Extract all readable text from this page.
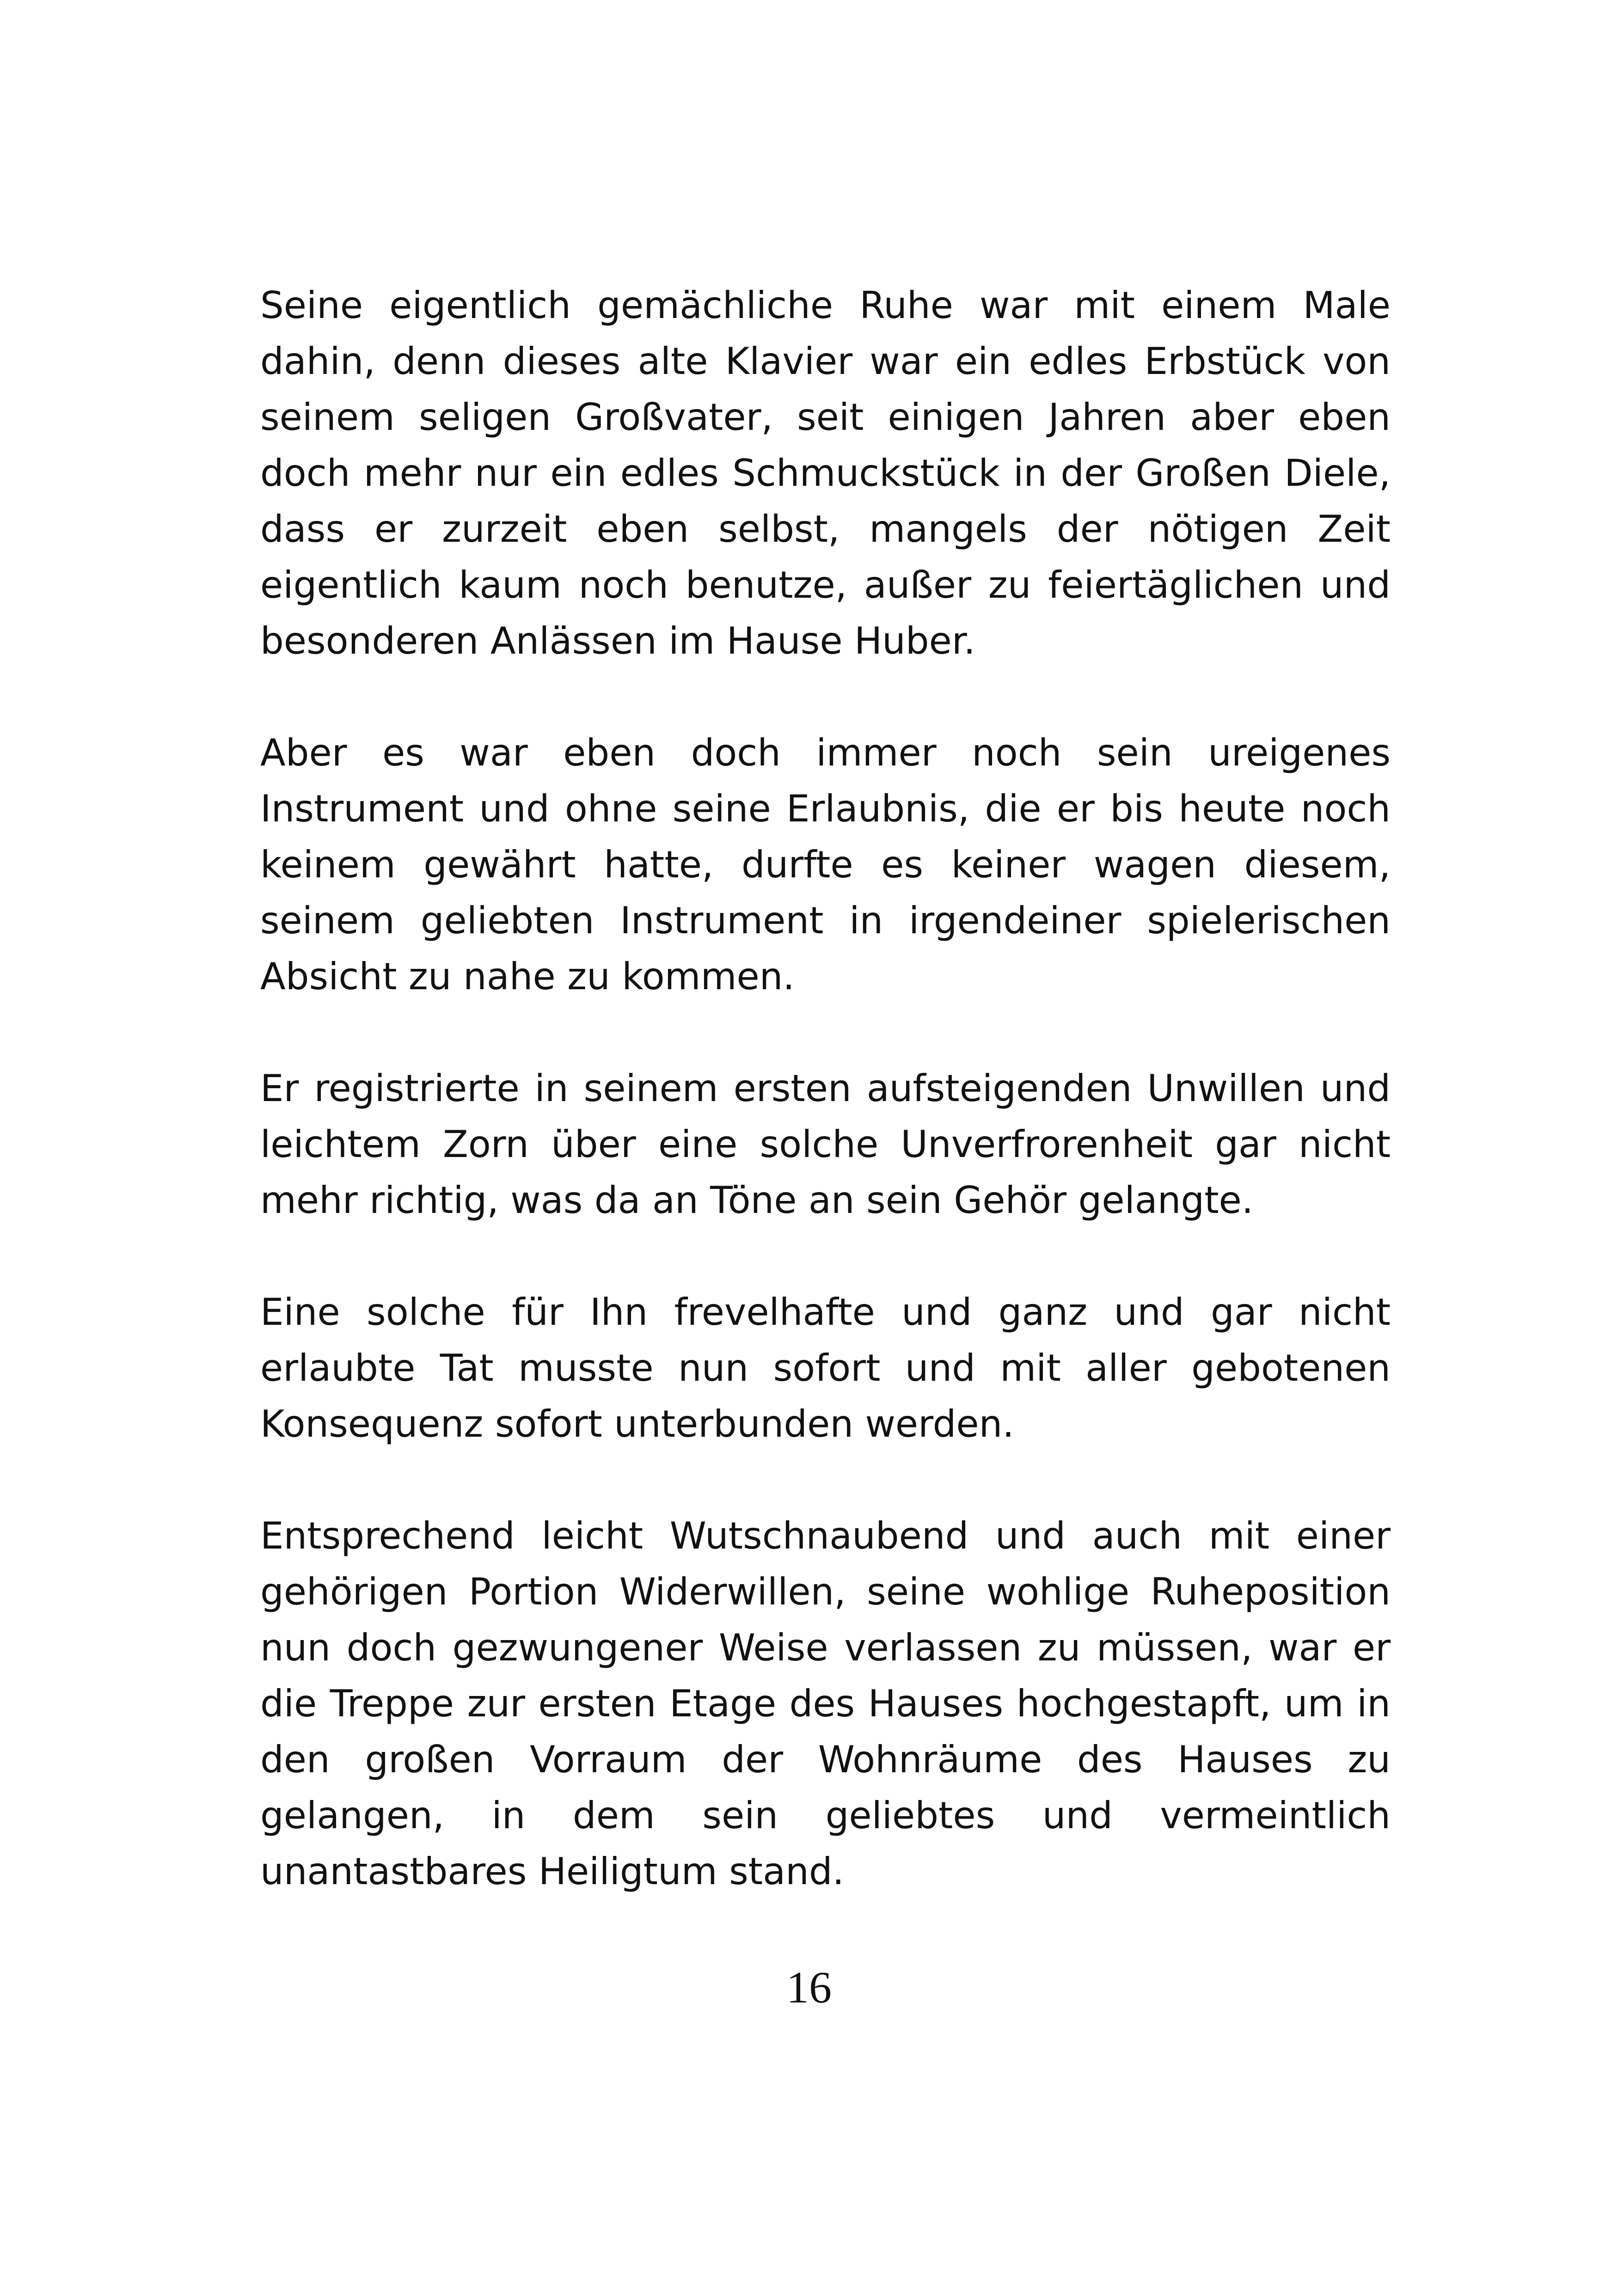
Seine eigentlich gemächliche Ruhe war mit einem Male dahin, denn dieses alte Klavier war ein edles Erbstück von seinem seligen Großvater, seit einigen Jahren aber eben doch mehr nur ein edles Schmuckstück in der Großen Diele, dass er zurzeit eben selbst, mangels der nötigen Zeit eigentlich kaum noch benutze, außer zu feiertäglichen und besonderen Anlässen im Hause Huber.

Aber es war eben doch immer noch sein ureigenes Instrument und ohne seine Erlaubnis, die er bis heute noch keinem gewährt hatte, durfte es keiner wagen diesem, seinem geliebten Instrument in irgendeiner spielerischen Absicht zu nahe zu kommen.

Er registrierte in seinem ersten aufsteigenden Unwillen und leichtem Zorn über eine solche Unverfrorenheit gar nicht mehr richtig, was da an Töne an sein Gehör gelangte.

Eine solche für Ihn frevelhafte und ganz und gar nicht erlaubte Tat musste nun sofort und mit aller gebotenen Konsequenz sofort unterbunden werden.

Entsprechend leicht Wutschnaubend und auch mit einer gehörigen Portion Widerwillen, seine wohlige Ruheposition nun doch gezwungener Weise verlassen zu müssen, war er die Treppe zur ersten Etage des Hauses hochgestapft, um in den großen Vorraum der Wohnräume des Hauses zu gelangen, in dem sein geliebtes und vermeintlich unantastbares Heiligtum stand.

16
